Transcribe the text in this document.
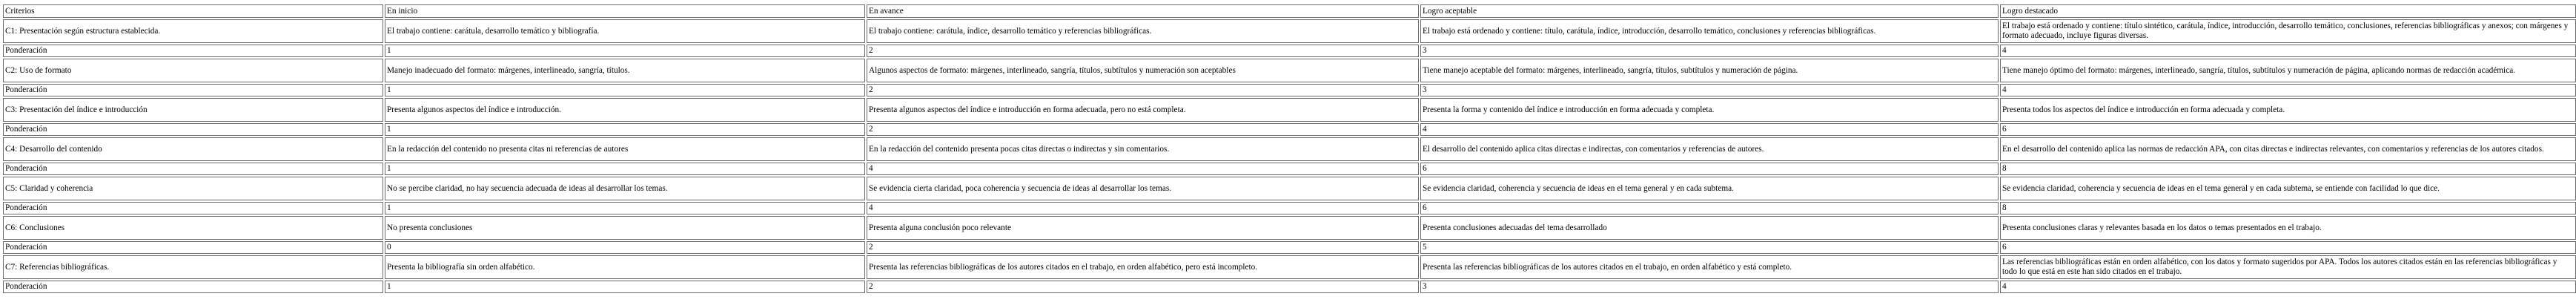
Criterios	En inicio	En avance	Logro aceptable	Logro destacado
C1: Presentación según estructura establecida.	El trabajo contiene: carátula, desarrollo temático y bibliografía.	El trabajo contiene: carátula, índice, desarrollo temático y referencias bibliográficas.	El trabajo está ordenado y contiene: título, carátula, índice, introducción, desarrollo temático, conclusiones y referencias bibliográficas.	El trabajo está ordenado y contiene: título sintético, carátula, índice, introducción, desarrollo temático, conclusiones, referencias bibliográficas y anexos; con márgenes y formato adecuado, incluye figuras diversas.
Ponderación	1	2	3	4
C2: Uso de formato	Manejo inadecuado del formato: márgenes, interlineado, sangría, títulos.	Algunos aspectos de formato: márgenes, interlineado, sangría, títulos, subtítulos y numeración son aceptables	Tiene manejo aceptable del formato: márgenes, interlineado, sangría, títulos, subtítulos y numeración de página.	Tiene manejo óptimo del formato: márgenes, interlineado, sangría, títulos, subtítulos y numeración de página, aplicando normas de redacción académica.
Ponderación	1	2	3	4
C3: Presentación del índice e introducción	Presenta algunos aspectos del índice e introducción.	Presenta algunos aspectos del índice e introducción en forma adecuada, pero no está completa.	Presenta la forma y contenido del índice e introducción en forma adecuada y completa.	Presenta todos los aspectos del índice e introducción en forma adecuada y completa.
Ponderación	1	2	4	6
C4: Desarrollo del contenido	En la redacción del contenido no presenta citas ni referencias de autores	En la redacción del contenido presenta pocas citas directas o indirectas y sin comentarios.	El desarrollo del contenido aplica citas directas e indirectas, con comentarios y referencias de autores.	En el desarrollo del contenido aplica las normas de redacción APA, con citas directas e indirectas relevantes, con comentarios y referencias de los autores citados.
Ponderación	1	4	6	8
C5: Claridad y coherencia	No se percibe claridad, no hay secuencia adecuada de ideas al desarrollar los temas.	Se evidencia cierta claridad, poca coherencia y secuencia de ideas al desarrollar los temas.	Se evidencia claridad, coherencia y secuencia de ideas en el tema general y en cada subtema.	Se evidencia claridad, coherencia y secuencia de ideas en el tema general y en cada subtema, se entiende con facilidad lo que dice.
Ponderación	1	4	6	8
C6: Conclusiones	No presenta conclusiones	Presenta alguna conclusión poco relevante	Presenta conclusiones adecuadas del tema desarrollado	Presenta conclusiones claras y relevantes basada en los datos o temas presentados en el trabajo.
Ponderación	0	2	5	6
C7: Referencias bibliográficas.	Presenta la bibliografía sin orden alfabético.	Presenta las referencias bibliográficas de los autores citados en el trabajo, en orden alfabético, pero está incompleto.	Presenta las referencias bibliográficas de los autores citados en el trabajo, en orden alfabético y está completo.	Las referencias bibliográficas están en orden alfabético, con los datos y formato sugeridos por APA. Todos los autores citados están en las referencias bibliográficas y todo lo que está en este han sido citados en el trabajo.
Ponderación	1	2	3	4
